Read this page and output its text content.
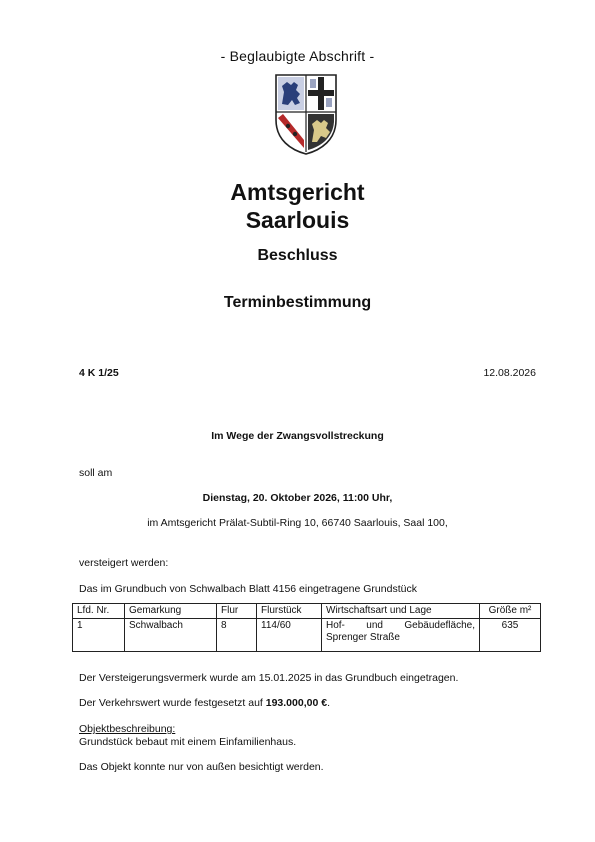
- Beglaubigte Abschrift -
Amtsgericht
Saarlouis
Beschluss
Terminbestimmung
4 K 1/25	12.08.2026
Im Wege der Zwangsvollstreckung
soll am
Dienstag, 20. Oktober 2026, 11:00 Uhr,
im Amtsgericht Prälat-Subtil-Ring 10, 66740 Saarlouis, Saal 100,
versteigert werden:
Das im Grundbuch von Schwalbach Blatt 4156 eingetragene Grundstück
Lfd. Nr.	Gemarkung	Flur	Flurstück	Wirtschaftsart und Lage	Größe m²
1	Schwalbach	8	114/60	Hof- und Gebäudefläche, Sprenger Straße	635
Der Versteigerungsvermerk wurde am 15.01.2025 in das Grundbuch eingetragen.
Der Verkehrswert wurde festgesetzt auf 193.000,00 €.
Objektbeschreibung:
Grundstück bebaut mit einem Einfamilienhaus.
Das Objekt konnte nur von außen besichtigt werden.
